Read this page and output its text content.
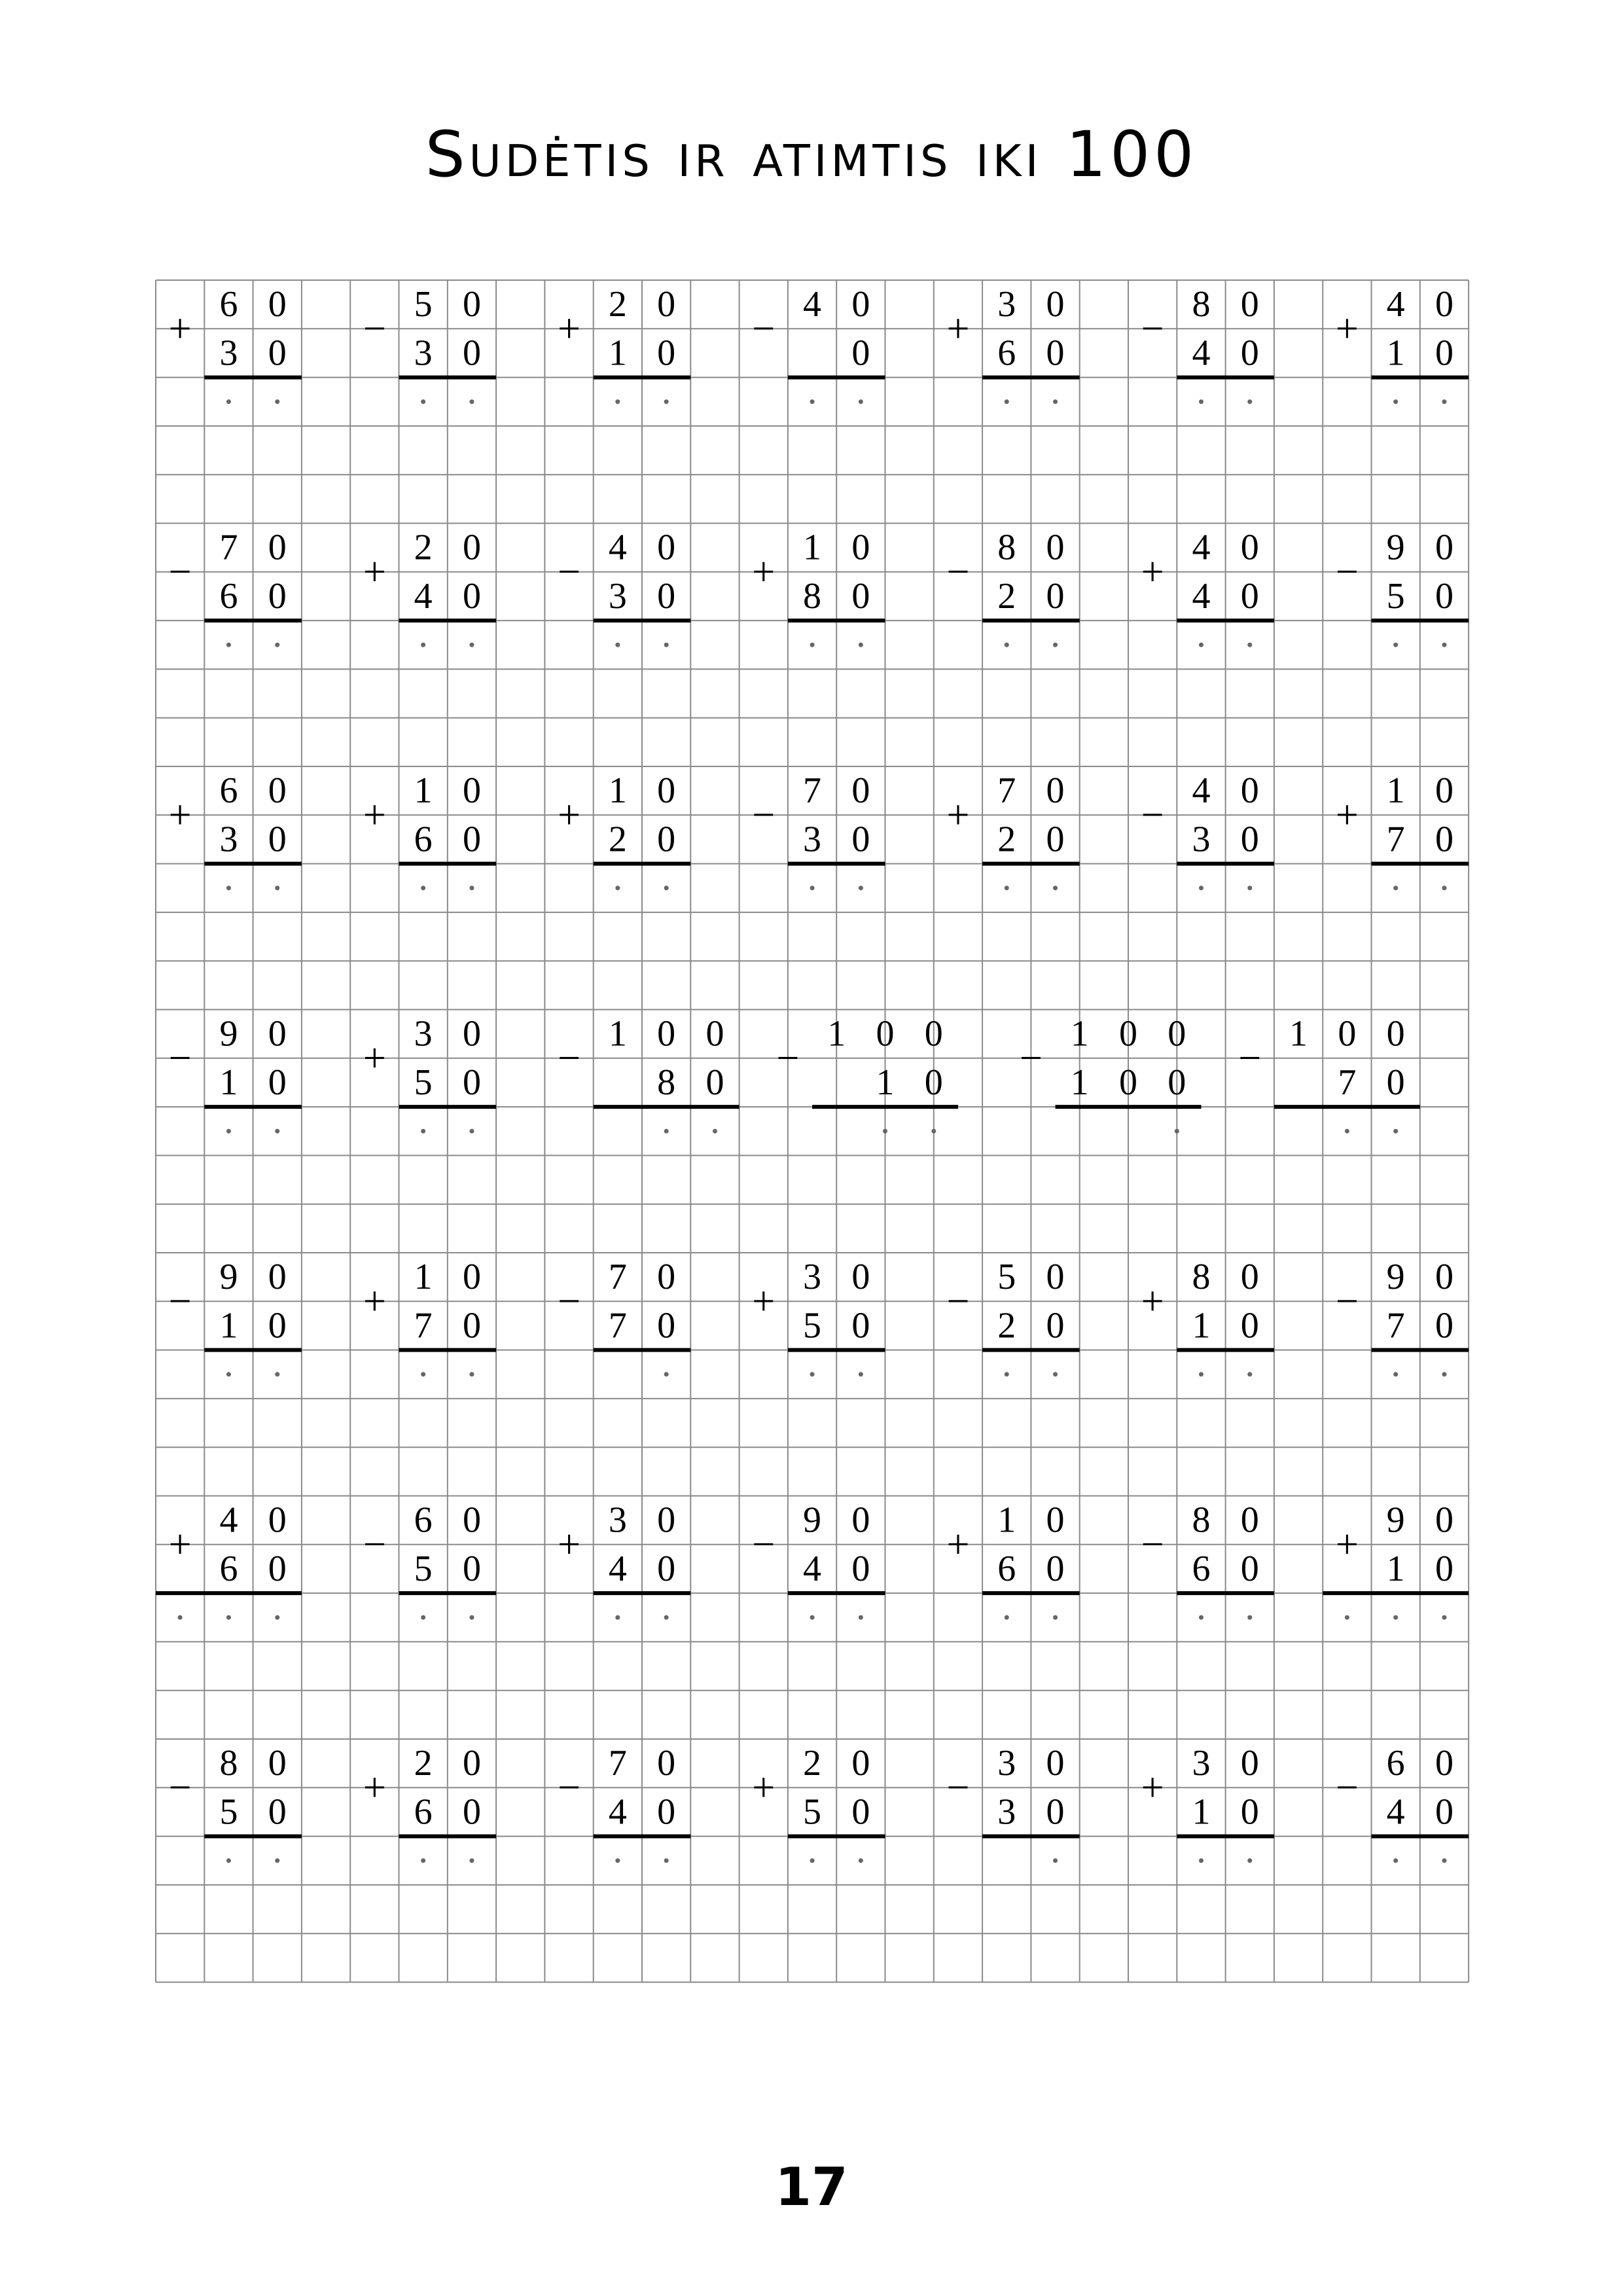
Sudėtis ir atimtis iki 100
+
6 0
3 0
−
5 0
3 0
+
2 0
1 0
−
4 0
0
+
3 0
6 0
−
8 0
4 0
+
4 0
1 0
−
7 0
6 0
+
2 0
4 0
−
4 0
3 0
+
1 0
8 0
−
8 0
2 0
+
4 0
4 0
−
9 0
5 0
+
6 0
3 0
+
1 0
6 0
+
1 0
2 0
−
7 0
3 0
+
7 0
2 0
−
4 0
3 0
+
1 0
7 0
−
9 0
1 0
+
3 0
5 0
−
1 0 0
8 0
−
1 0 0
1 0
−
1 0 0
1 0 0
−
1 0 0
7 0
−
9 0
1 0
+
1 0
7 0
−
7 0
7 0
+
3 0
5 0
−
5 0
2 0
+
8 0
1 0
−
9 0
7 0
+
4 0
6 0
−
6 0
5 0
+
3 0
4 0
−
9 0
4 0
+
1 0
6 0
−
8 0
6 0
+
9 0
1 0
−
8 0
5 0
+
2 0
6 0
−
7 0
4 0
+
2 0
5 0
−
3 0
3 0
+
3 0
1 0
−
6 0
4 0
17
